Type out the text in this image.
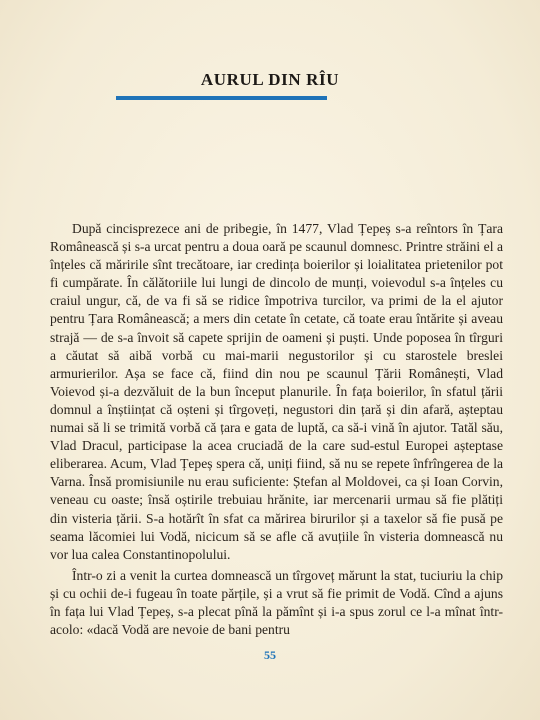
AURUL DIN RÎU

După cincisprezece ani de pribegie, în 1477, Vlad Țepeș s-a reîntors în Țara Românească și s-a urcat pentru a doua oară pe scaunul domnesc. Printre străini el a înțeles că măririle sînt trecătoare, iar credința boierilor și loialitatea prietenilor pot fi cumpărate. În călătoriile lui lungi de dincolo de munți, voievodul s-a înțeles cu craiul ungur, că, de va fi să se ridice împotriva turcilor, va primi de la el ajutor pentru Țara Românească; a mers din cetate în cetate, că toate erau întărite și aveau strajă — de s-a învoit să capete sprijin de oameni și puști. Unde poposea în tîrguri a căutat să aibă vorbă cu mai-marii negustorilor și cu starostele breslei armurierilor. Așa se face că, fiind din nou pe scaunul Țării Românești, Vlad Voievod și-a dezvăluit de la bun început planurile. În fața boierilor, în sfatul țării domnul a înștiințat că oșteni și tîrgoveți, negustori din țară și din afară, așteptau numai să li se trimită vorbă că țara e gata de luptă, ca să-i vină în ajutor. Tatăl său, Vlad Dracul, participase la acea cruciadă de la care sud-estul Europei așteptase eliberarea. Acum, Vlad Țepeș spera că, uniți fiind, să nu se repete înfrîngerea de la Varna. Însă promisiunile nu erau suficiente: Ștefan al Moldovei, ca și Ioan Corvin, veneau cu oaste; însă oștirile trebuiau hrănite, iar mercenarii urmau să fie plătiți din visteria țării. S-a hotărît în sfat ca mărirea birurilor și a taxelor să fie pusă pe seama lăcomiei lui Vodă, nicicum să se afle că avuțiile în visteria domnească nu vor lua calea Constantinopolului.

Într-o zi a venit la curtea domnească un tîrgoveț mărunt la stat, tuciuriu la chip și cu ochii de-i fugeau în toate părțile, și a vrut să fie primit de Vodă. Cînd a ajuns în fața lui Vlad Țepeș, s-a plecat pînă la pămînt și i-a spus zorul ce l-a mînat într-acolo: «dacă Vodă are nevoie de bani pentru

55
